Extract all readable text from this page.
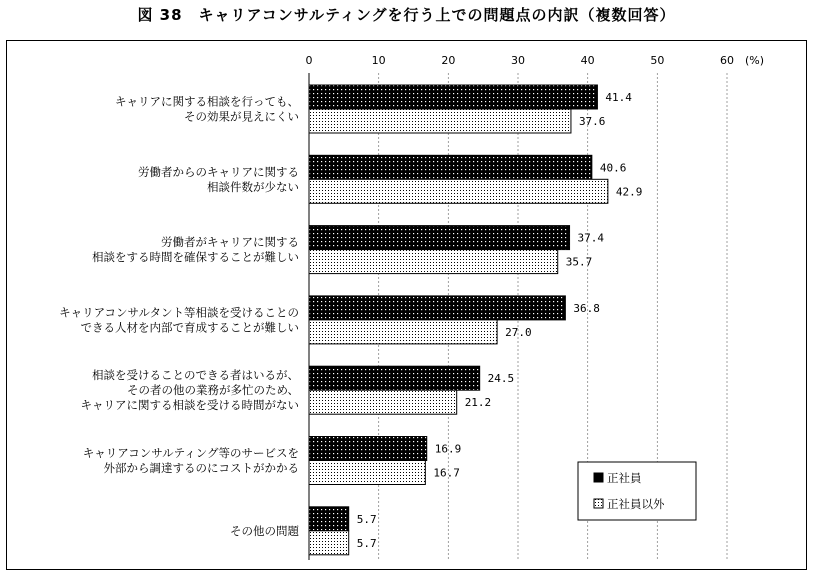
図 38　キャリアコンサルティングを行う上での問題点の内訳（複数回答）
0	10	20	30	40	50	60 (%)
41.4
37.6
キャリアに関する相談を行っても、
その効果が見えにくい
40.6
42.9
労働者からのキャリアに関する
相談件数が少ない
37.4
35.7
労働者がキャリアに関する
相談をする時間を確保することが難しい
36.8
27.0
キャリアコンサルタント等相談を受けることの
できる人材を内部で育成することが難しい
24.5
21.2
相談を受けることのできる者はいるが、
その者の他の業務が多忙のため、
キャリアに関する相談を受ける時間がない
16.9
16.7
キャリアコンサルティング等のサービスを
外部から調達するのにコストがかかる
5.7
5.7
その他の問題
正社員
正社員以外
